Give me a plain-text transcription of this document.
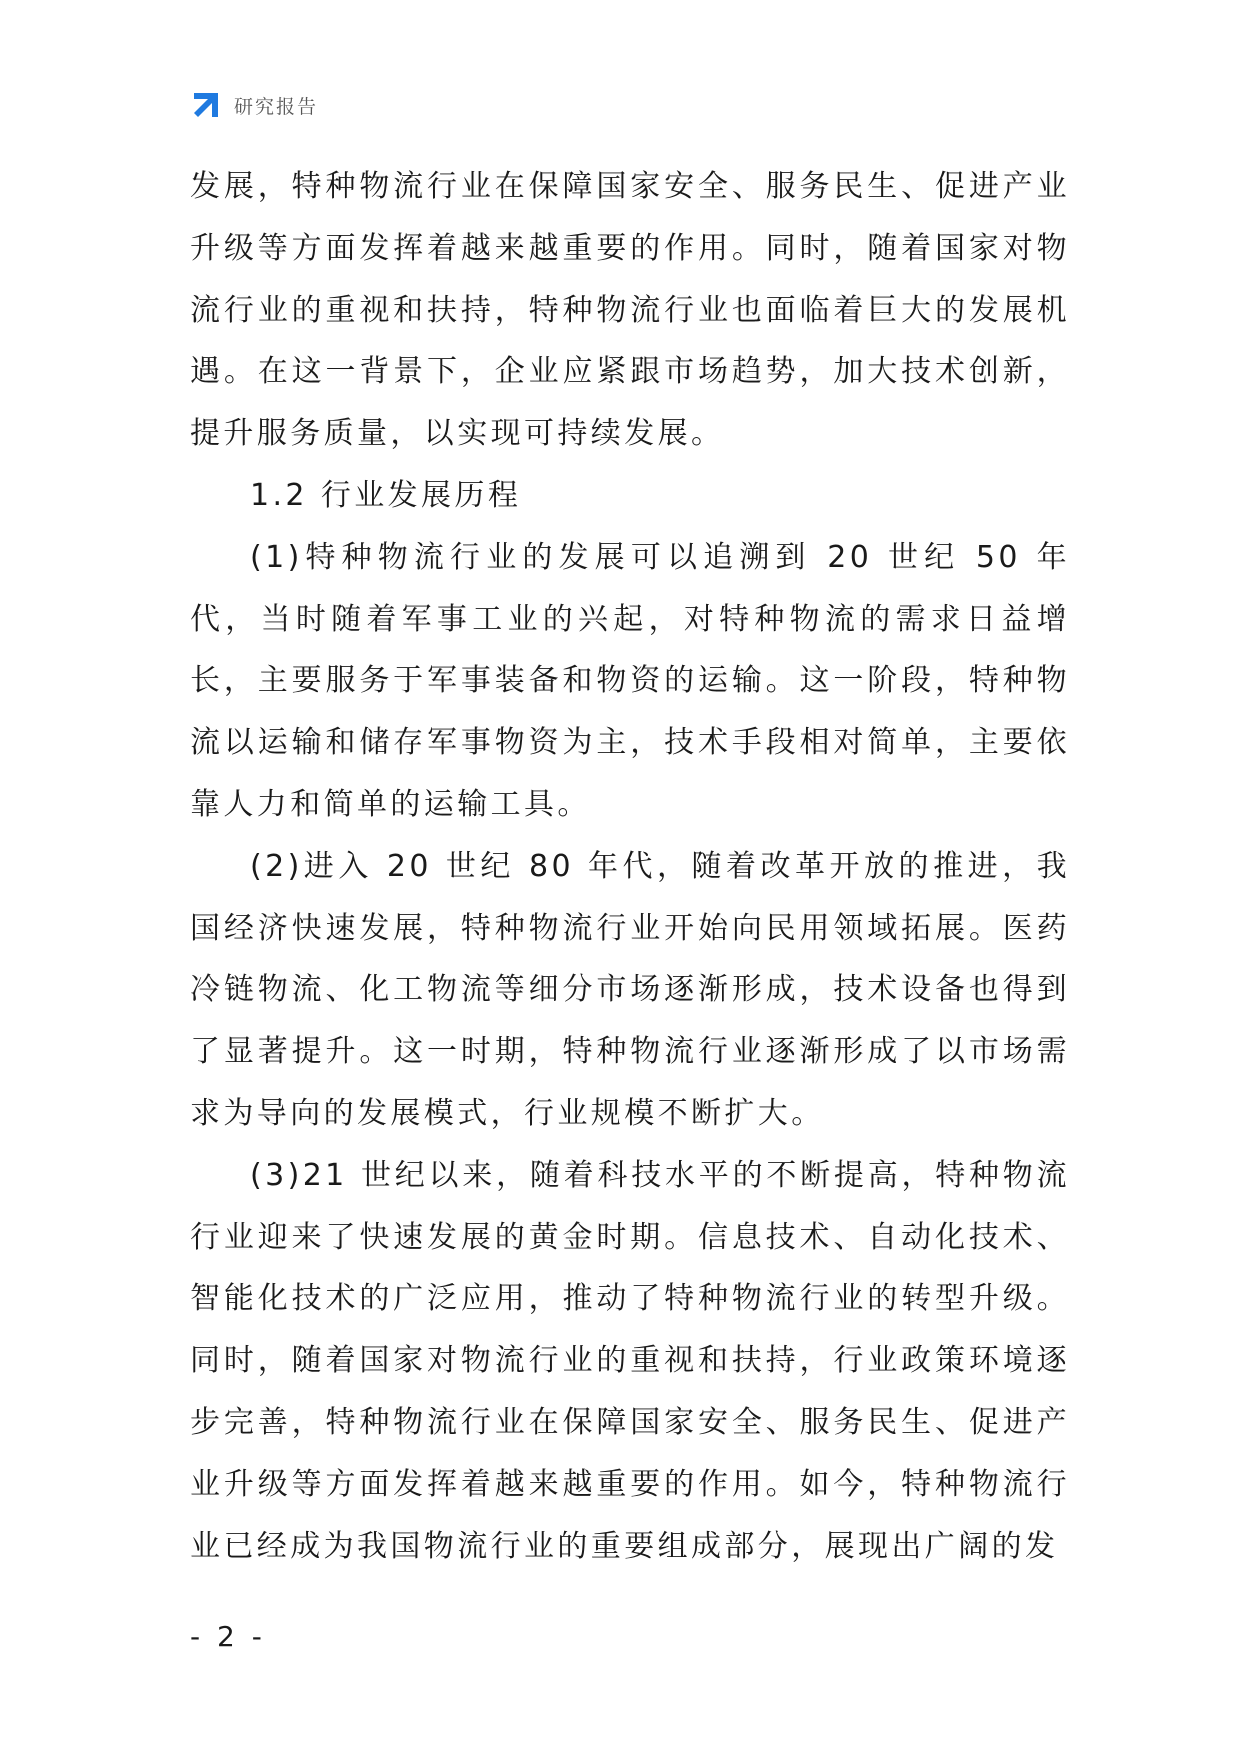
研究报告

发展，特种物流行业在保障国家安全、服务民生、促进产业升级等方面发挥着越来越重要的作用。同时，随着国家对物流行业的重视和扶持，特种物流行业也面临着巨大的发展机遇。在这一背景下，企业应紧跟市场趋势，加大技术创新，提升服务质量，以实现可持续发展。

1.2 行业发展历程

(1)特种物流行业的发展可以追溯到 20 世纪 50 年代，当时随着军事工业的兴起，对特种物流的需求日益增长，主要服务于军事装备和物资的运输。这一阶段，特种物流以运输和储存军事物资为主，技术手段相对简单，主要依靠人力和简单的运输工具。

(2)进入 20 世纪 80 年代，随着改革开放的推进，我国经济快速发展，特种物流行业开始向民用领域拓展。医药冷链物流、化工物流等细分市场逐渐形成，技术设备也得到了显著提升。这一时期，特种物流行业逐渐形成了以市场需求为导向的发展模式，行业规模不断扩大。

(3)21 世纪以来，随着科技水平的不断提高，特种物流行业迎来了快速发展的黄金时期。信息技术、自动化技术、智能化技术的广泛应用，推动了特种物流行业的转型升级。同时，随着国家对物流行业的重视和扶持，行业政策环境逐步完善，特种物流行业在保障国家安全、服务民生、促进产业升级等方面发挥着越来越重要的作用。如今，特种物流行业已经成为我国物流行业的重要组成部分，展现出广阔的发

- 2 -
